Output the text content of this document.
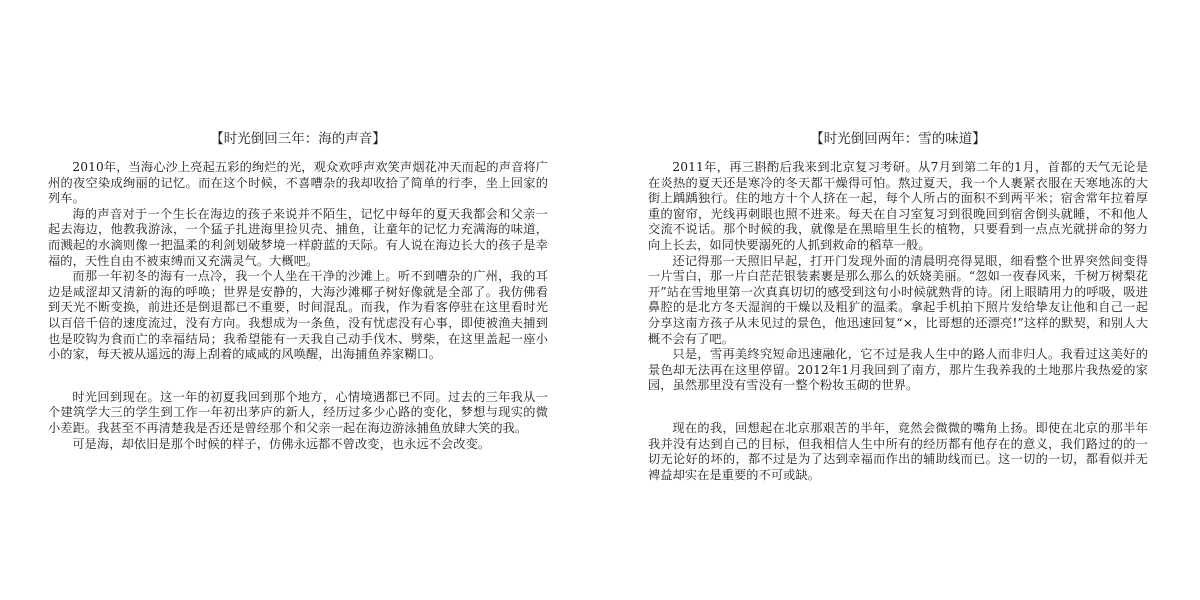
【时光倒回三年：海的声音】

2010年，当海心沙上亮起五彩的绚烂的光，观众欢呼声欢笑声烟花冲天而起的声音将广州的夜空染成绚丽的记忆。而在这个时候，不喜嘈杂的我却收拾了简单的行李，坐上回家的列车。

海的声音对于一个生长在海边的孩子来说并不陌生，记忆中每年的夏天我都会和父亲一起去海边，他教我游泳，一个猛子扎进海里捡贝壳、捕鱼，让童年的记忆力充满海的味道，而溅起的水滴则像一把温柔的利剑划破梦境一样蔚蓝的天际。有人说在海边长大的孩子是幸福的，天性自由不被束缚而又充满灵气。大概吧。

而那一年初冬的海有一点冷，我一个人坐在干净的沙滩上。听不到嘈杂的广州，我的耳边是咸涩却又清新的海的呼唤；世界是安静的，大海沙滩椰子树好像就是全部了。我仿佛看到天光不断变换，前进还是倒退都已不重要，时间混乱。而我，作为看客停驻在这里看时光以百倍千倍的速度流过，没有方向。我想成为一条鱼，没有忧虑没有心事，即使被渔夫捕到也是咬钩为食而亡的幸福结局；我希望能有一天我自己动手伐木、劈柴，在这里盖起一座小小的家，每天被从遥远的海上刮着的咸咸的风唤醒，出海捕鱼养家糊口。

时光回到现在。这一年的初夏我回到那个地方，心情境遇都已不同。过去的三年我从一个建筑学大三的学生到工作一年初出茅庐的新人，经历过多少心路的变化，梦想与现实的微小差距。我甚至不再清楚我是否还是曾经那个和父亲一起在海边游泳捕鱼放肆大笑的我。

可是海，却依旧是那个时候的样子，仿佛永远都不曾改变，也永远不会改变。

【时光倒回两年：雪的味道】

2011年，再三斟酌后我来到北京复习考研。从7月到第二年的1月，首都的天气无论是在炎热的夏天还是寒冷的冬天都干燥得可怕。熬过夏天，我一个人裹紧衣服在天寒地冻的大街上踽踽独行。住的地方十个人挤在一起，每个人所占的面积不到两平米；宿舍常年拉着厚重的窗帘，光线再刺眼也照不进来。每天在自习室复习到很晚回到宿舍倒头就睡，不和他人交流不说话。那个时候的我，就像是在黑暗里生长的植物，只要看到一点点光就拼命的努力向上长去，如同快要溺死的人抓到救命的稻草一般。

还记得那一天照旧早起，打开门发现外面的清晨明亮得晃眼，细看整个世界突然间变得一片雪白，那一片白茫茫银装素裹是那么那么的妖娆美丽。“忽如一夜春风来，千树万树梨花开”站在雪地里第一次真真切切的感受到这句小时候就熟背的诗。闭上眼睛用力的呼吸，吸进鼻腔的是北方冬天湿润的干燥以及粗犷的温柔。拿起手机拍下照片发给挚友让他和自己一起分享这南方孩子从未见过的景色，他迅速回复“×，比哥想的还漂亮!”这样的默契，和别人大概不会有了吧。

只是，雪再美终究短命迅速融化，它不过是我人生中的路人而非归人。我看过这美好的景色却无法再在这里停留。2012年1月我回到了南方，那片生我养我的土地那片我热爱的家园，虽然那里没有雪没有一整个粉妆玉砌的世界。

现在的我，回想起在北京那艰苦的半年，竟然会微微的嘴角上扬。即使在北京的那半年我并没有达到自己的目标，但我相信人生中所有的经历都有他存在的意义，我们路过的的一切无论好的坏的，都不过是为了达到幸福而作出的辅助线而已。这一切的一切，都看似并无裨益却实在是重要的不可或缺。
